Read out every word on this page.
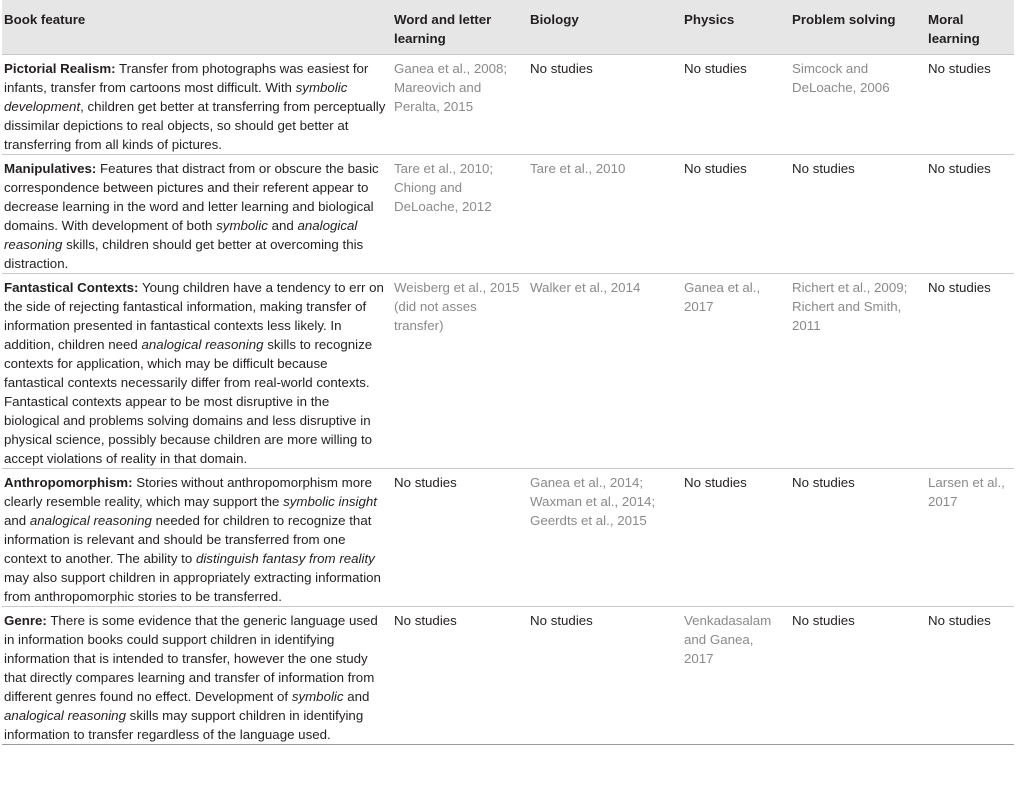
Book feature	Word and letter learning	Biology	Physics	Problem solving	Moral learning
Pictorial Realism: Transfer from photographs was easiest for infants, transfer from cartoons most difficult. With symbolic development, children get better at transferring from perceptually dissimilar depictions to real objects, so should get better at transferring from all kinds of pictures.	Ganea et al., 2008; Mareovich and Peralta, 2015	No studies	No studies	Simcock and DeLoache, 2006	No studies
Manipulatives: Features that distract from or obscure the basic correspondence between pictures and their referent appear to decrease learning in the word and letter learning and biological domains. With development of both symbolic and analogical reasoning skills, children should get better at overcoming this distraction.	Tare et al., 2010; Chiong and DeLoache, 2012	Tare et al., 2010	No studies	No studies	No studies
Fantastical Contexts: Young children have a tendency to err on the side of rejecting fantastical information, making transfer of information presented in fantastical contexts less likely. In addition, children need analogical reasoning skills to recognize contexts for application, which may be difficult because fantastical contexts necessarily differ from real-world contexts. Fantastical contexts appear to be most disruptive in the biological and problems solving domains and less disruptive in physical science, possibly because children are more willing to accept violations of reality in that domain.	Weisberg et al., 2015 (did not asses transfer)	Walker et al., 2014	Ganea et al., 2017	Richert et al., 2009; Richert and Smith, 2011	No studies
Anthropomorphism: Stories without anthropomorphism more clearly resemble reality, which may support the symbolic insight and analogical reasoning needed for children to recognize that information is relevant and should be transferred from one context to another. The ability to distinguish fantasy from reality may also support children in appropriately extracting information from anthropomorphic stories to be transferred.	No studies	Ganea et al., 2014; Waxman et al., 2014; Geerdts et al., 2015	No studies	No studies	Larsen et al., 2017
Genre: There is some evidence that the generic language used in information books could support children in identifying information that is intended to transfer, however the one study that directly compares learning and transfer of information from different genres found no effect. Development of symbolic and analogical reasoning skills may support children in identifying information to transfer regardless of the language used.	No studies	No studies	Venkadasalam and Ganea, 2017	No studies	No studies
